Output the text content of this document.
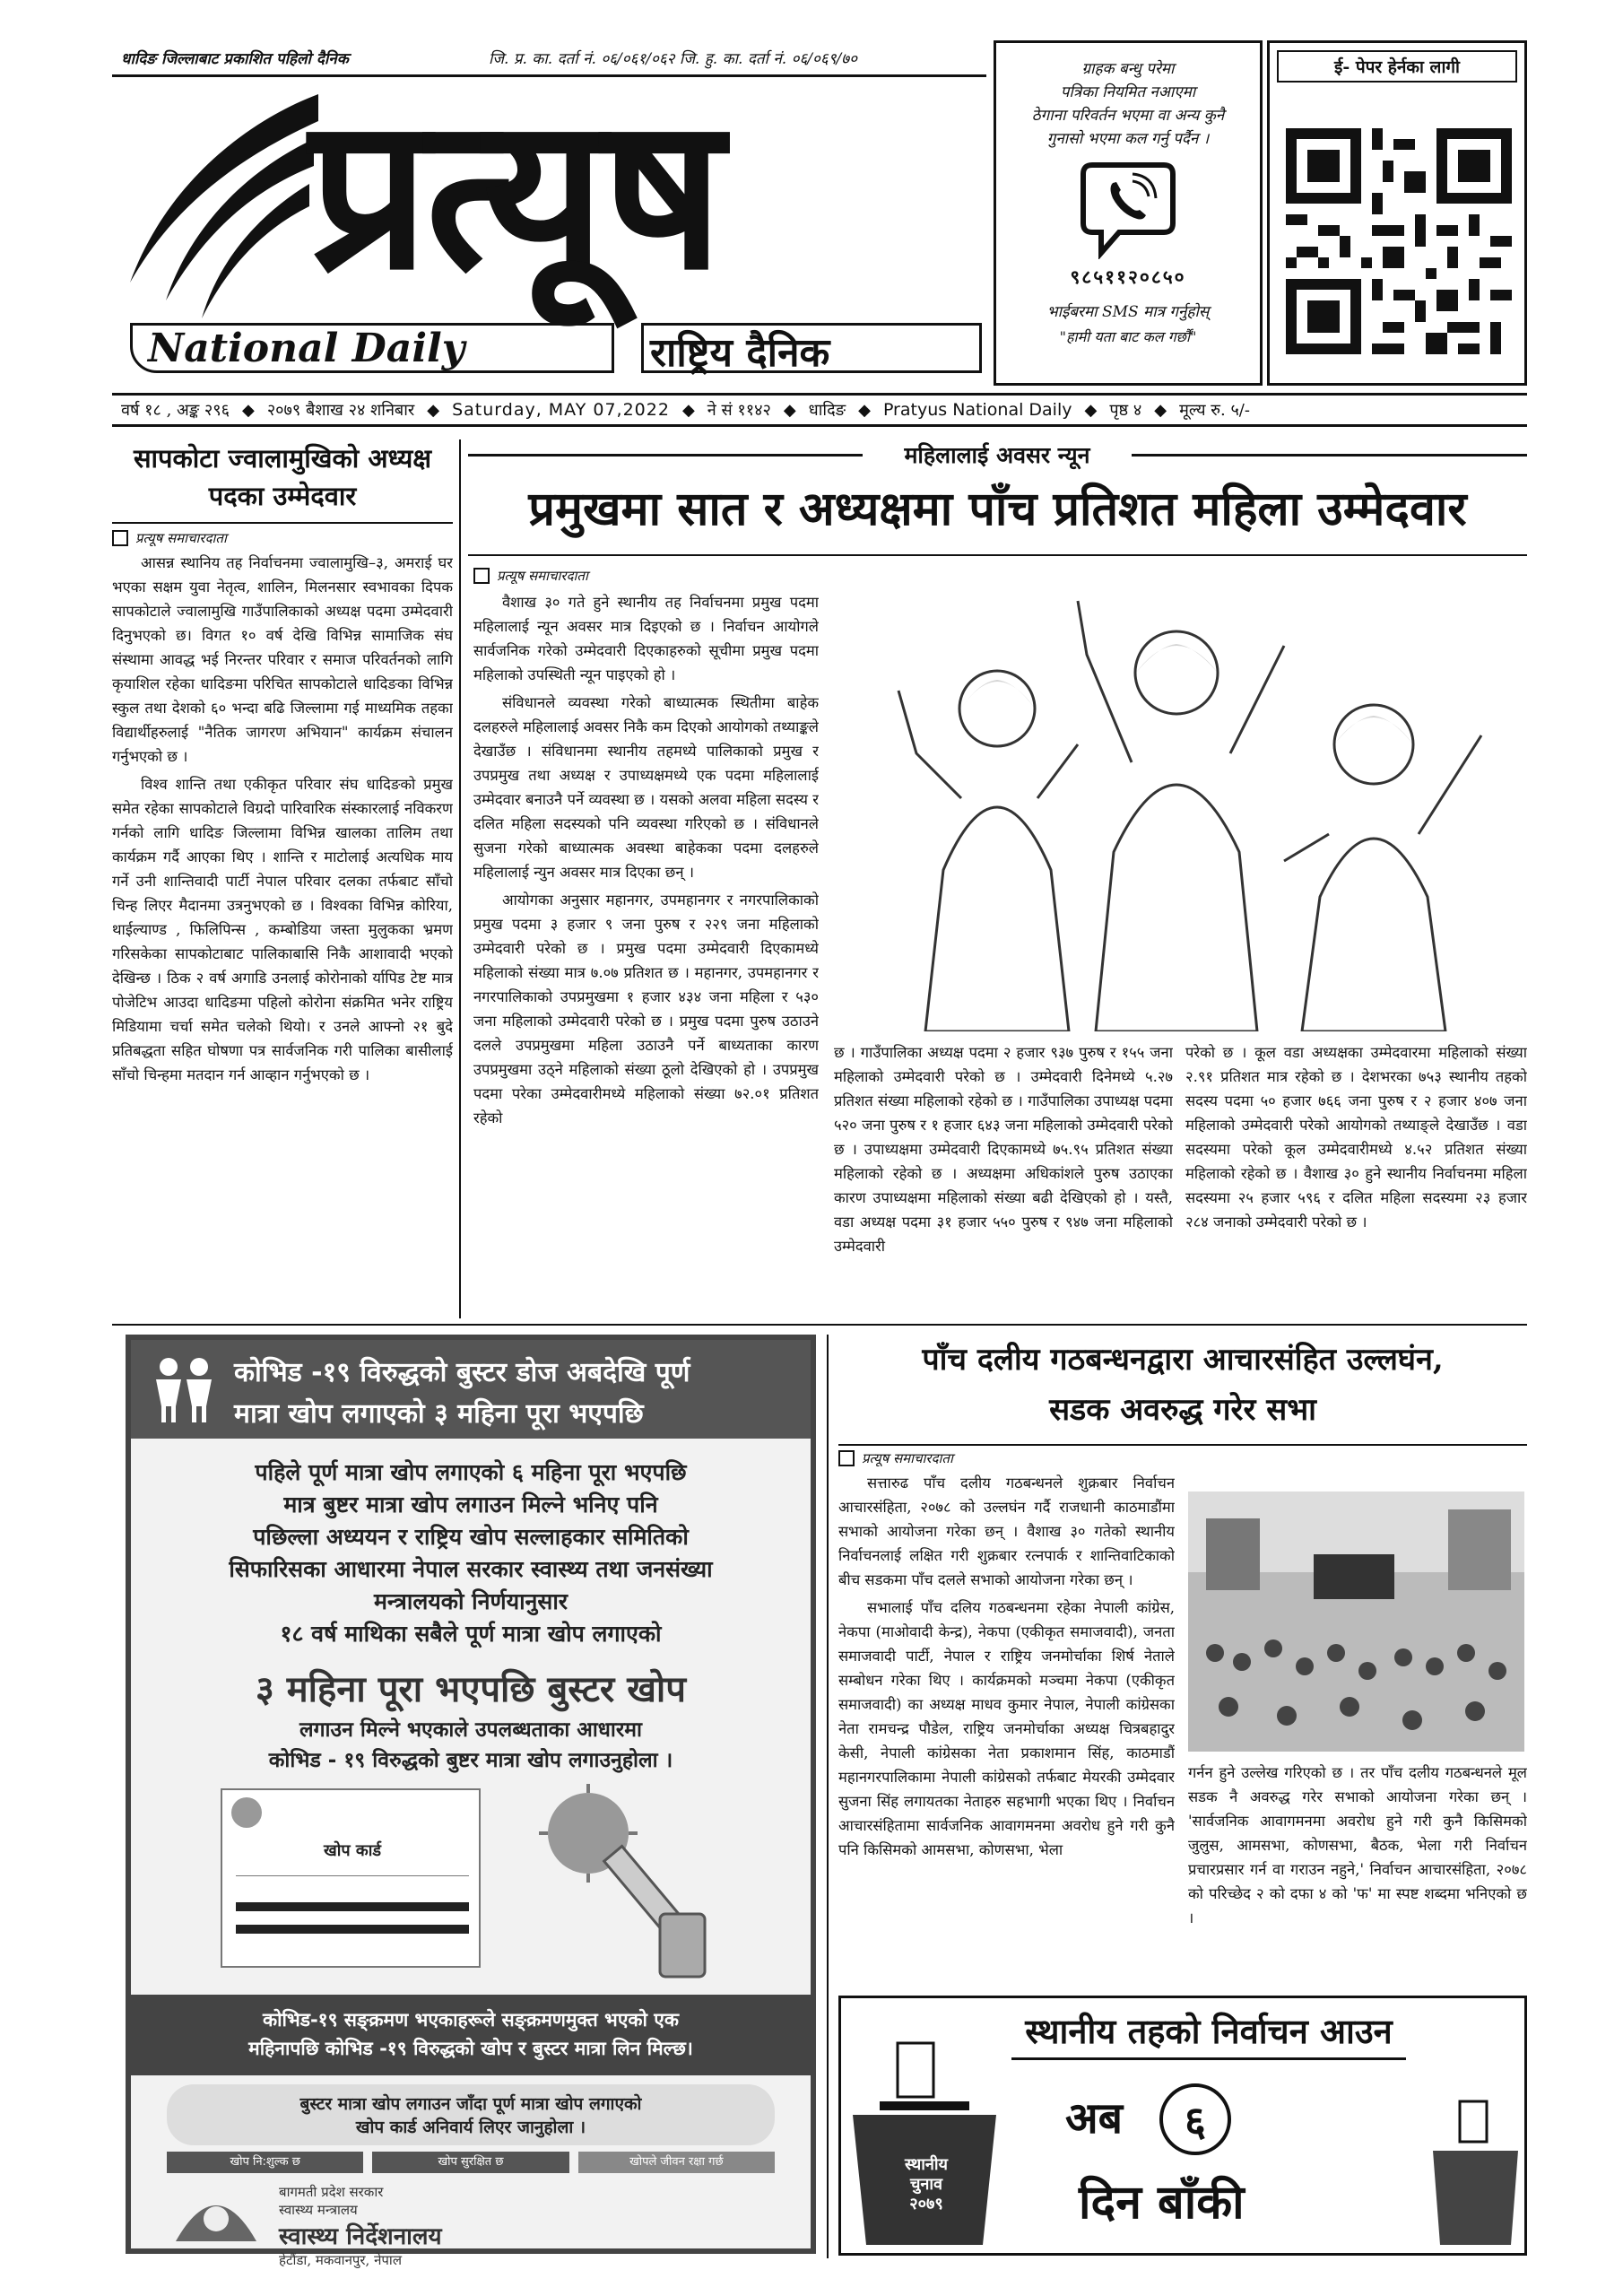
धादिङ जिल्लाबाट प्रकाशित पहिलो दैनिक	जि. प्र. का. दर्ता नं. ०६/०६१/०६२ जि. हु. का. दर्ता नं. ०६/०६९/७०
प्रत्यूष
National Daily	राष्ट्रिय दैनिक
ग्राहक बन्धु परेमा
पत्रिका नियमित नआएमा
ठेगाना परिवर्तन भएमा वा अन्य कुनै
गुनासो भएमा कल गर्नु पर्दैन ।
९८५११२०८५०
भाईबरमा SMS मात्र गर्नुहोस्
"हामी यता बाट कल गर्छौं"
ई- पेपर हेर्नका लागी
वर्ष १८ , अङ्क २९६ ◆ २०७९ बैशाख २४ शनिबार ◆ Saturday, MAY 07,2022 ◆ ने सं ११४२ ◆ धादिङ ◆ Pratyus National Daily ◆ पृष्ठ ४ ◆ मूल्य रु. ५/-
सापकोटा ज्वालामुखिको अध्यक्ष
पदका उम्मेदवार
प्रत्यूष समाचारदाता

आसन्न स्थानिय तह निर्वाचनमा ज्वालामुखि–३, अमराई घर भएका सक्षम युवा नेतृत्व, शालिन, मिलनसार स्वभावका दिपक सापकोटाले ज्वालामुखि गाउँपालिकाको अध्यक्ष पदमा उम्मेदवारी दिनुभएको छ। विगत १० वर्ष देखि विभिन्न सामाजिक संघ संस्थामा आवद्ध भई निरन्तर परिवार र समाज परिवर्तनको लागि कृयाशिल रहेका धादिङमा परिचित सापकोटाले धादिङका विभिन्न स्कुल तथा देशको ६० भन्दा बढि जिल्लामा गई माध्यमिक तहका विद्यार्थीहरुलाई "नैतिक जागरण अभियान" कार्यक्रम संचालन गर्नुभएको छ ।

विश्व शान्ति तथा एकीकृत परिवार संघ धादिङको प्रमुख समेत रहेका सापकोटाले विग्रदो पारिवारिक संस्कारलाई नविकरण गर्नको लागि धादिङ जिल्लामा विभिन्न खालका तालिम तथा कार्यक्रम गर्दै आएका थिए । शान्ति र माटोलाई अत्यधिक माय गर्ने उनी शान्तिवादी पार्टी नेपाल परिवार दलका तर्फबाट साँचो चिन्ह लिएर मैदानमा उत्रनुभएको छ । विश्वका विभिन्न कोरिया, थाईल्याण्ड , फिलिपिन्स , कम्बोडिया जस्ता मुलुकका भ्रमण गरिसकेका सापकोटाबाट पालिकाबासि निकै आशावादी भएको देखिन्छ । ठिक २ वर्ष अगाडि उनलाई कोरोनाको र्यापिड टेष्ट मात्र पोजेटिभ आउदा धादिङमा पहिलो कोरोना संक्रमित भनेर राष्ट्रिय मिडियामा चर्चा समेत चलेको थियो। र उनले आफ्नो २१ बुदे प्रतिबद्धता सहित घोषणा पत्र सार्वजनिक गरी पालिका बासीलाई साँचो चिन्हमा मतदान गर्न आव्हान गर्नुभएको छ ।

महिलालाई अवसर न्यून
प्रमुखमा सात र अध्यक्षमा पाँच प्रतिशत महिला उम्मेदवार
प्रत्यूष समाचारदाता

वैशाख ३० गते हुने स्थानीय तह निर्वाचनमा प्रमुख पदमा महिलालाई न्यून अवसर मात्र दिइएको छ । निर्वाचन आयोगले सार्वजनिक गरेको उम्मेदवारी दिएकाहरुको सूचीमा प्रमुख पदमा महिलाको उपस्थिती न्यून पाइएको हो ।

संविधानले व्यवस्था गरेको बाध्यात्मक स्थितीमा बाहेक दलहरुले महिलालाई अवसर निकै कम दिएको आयोगको तथ्याङ्कले देखाउँछ । संविधानमा स्थानीय तहमध्ये पालिकाको प्रमुख र उपप्रमुख तथा अध्यक्ष र उपाध्यक्षमध्ये एक पदमा महिलालाई उम्मेदवार बनाउनै पर्ने व्यवस्था छ । यसको अलवा महिला सदस्य र दलित महिला सदस्यको पनि व्यवस्था गरिएको छ । संविधानले सुजना गरेको बाध्यात्मक अवस्था बाहेकका पदमा दलहरुले महिलालाई न्युन अवसर मात्र दिएका छन् ।

आयोगका अनुसार महानगर, उपमहानगर र नगरपालिकाको प्रमुख पदमा ३ हजार ९ जना पुरुष र २२९ जना महिलाको उम्मेदवारी परेको छ । प्रमुख पदमा उम्मेदवारी दिएकामध्ये महिलाको संख्या मात्र ७.०७ प्रतिशत छ । महानगर, उपमहानगर र नगरपालिकाको उपप्रमुखमा १ हजार ४३४ जना महिला र ५३० जना महिलाको उम्मेदवारी परेको छ । प्रमुख पदमा पुरुष उठाउने दलले उपप्रमुखमा महिला उठाउनै पर्ने बाध्यताका कारण उपप्रमुखमा उठ्ने महिलाको संख्या ठूलो देखिएको हो । उपप्रमुख पदमा परेका उम्मेदवारीमध्ये महिलाको संख्या ७२.०१ प्रतिशत रहेको

छ । गाउँपालिका अध्यक्ष पदमा २ हजार ९३७ पुरुष र १५५ जना महिलाको उम्मेदवारी परेको छ । उम्मेदवारी दिनेमध्ये ५.२७ प्रतिशत संख्या महिलाको रहेको छ । गाउँपालिका उपाध्यक्ष पदमा ५२० जना पुरुष र १ हजार ६४३ जना महिलाको उम्मेदवारी परेको छ । उपाध्यक्षमा उम्मेदवारी दिएकामध्ये ७५.९५ प्रतिशत संख्या महिलाको रहेको छ । अध्यक्षमा अधिकांशले पुरुष उठाएका कारण उपाध्यक्षमा महिलाको संख्या बढी देखिएको हो । यस्तै, वडा अध्यक्ष पदमा ३१ हजार ५५० पुरुष र ९४७ जना महिलाको उम्मेदवारी

परेको छ । कूल वडा अध्यक्षका उम्मेदवारमा महिलाको संख्या २.९१ प्रतिशत मात्र रहेको छ । देशभरका ७५३ स्थानीय तहको सदस्य पदमा ५० हजार ७६६ जना पुरुष र २ हजार ४०७ जना महिलाको उम्मेदवारी परेको आयोगको तथ्याङ्ले देखाउँछ । वडा सदस्यमा परेको कूल उम्मेदवारीमध्ये ४.५२ प्रतिशत संख्या महिलाको रहेको छ । वैशाख ३० हुने स्थानीय निर्वाचनमा महिला सदस्यमा २५ हजार ५९६ र दलित महिला सदस्यमा २३ हजार २८४ जनाको उम्मेदवारी परेको छ ।

कोभिड -१९ विरुद्धको बुस्टर डोज अबदेखि पूर्ण
मात्रा खोप लगाएको ३ महिना पूरा भएपछि
पहिले पूर्ण मात्रा खोप लगाएको ६ महिना पूरा भएपछि
मात्र बुष्टर मात्रा खोप लगाउन मिल्ने भनिए पनि
पछिल्ला अध्ययन र राष्ट्रिय खोप सल्लाहकार समितिको
सिफारिसका आधारमा नेपाल सरकार स्वास्थ्य तथा जनसंख्या
मन्त्रालयको निर्णयानुसार
१८ वर्ष माथिका सबैले पूर्ण मात्रा खोप लगाएको
३ महिना पूरा भएपछि बुस्टर खोप
लगाउन मिल्ने भएकाले उपलब्धताका आधारमा
कोभिड - १९ विरुद्धको बुष्टर मात्रा खोप लगाउनुहोला ।
खोप कार्ड
कोभिड-१९ सङ्क्रमण भएकाहरूले सङ्क्रमणमुक्त भएको एक
महिनापछि कोभिड -१९ विरुद्धको खोप र बुस्टर मात्रा लिन मिल्छ।
बुस्टर मात्रा खोप लगाउन जाँदा पूर्ण मात्रा खोप लगाएको
खोप कार्ड अनिवार्य लिएर जानुहोला ।
खोप नि:शुल्क छ	खोप सुरक्षित छ	खोपले जीवन रक्षा गर्छ
बागमती प्रदेश सरकार
स्वास्थ्य मन्त्रालय
स्वास्थ्य निर्देशनालय
हेटौंडा, मकवानपुर, नेपाल
पाँच दलीय गठबन्धनद्वारा आचारसंहित उल्लघंन,
सडक अवरुद्ध गरेर सभा
प्रत्यूष समाचारदाता

सत्तारुढ पाँच दलीय गठबन्धनले शुक्रबार निर्वाचन आचारसंहिता, २०७८ को उल्लघंन गर्दै राजधानी काठमाडौंमा सभाको आयोजना गरेका छन् । वैशाख ३० गतेको स्थानीय निर्वाचनलाई लक्षित गरी शुक्रबार रत्नपार्क र शान्तिवाटिकाको बीच सडकमा पाँच दलले सभाको आयोजना गरेका छन् ।

सभालाई पाँच दलिय गठबन्धनमा रहेका नेपाली कांग्रेस, नेकपा (माओवादी केन्द्र), नेकपा (एकीकृत समाजवादी), जनता समाजवादी पार्टी, नेपाल र राष्ट्रिय जनमोर्चाका शिर्ष नेताले सम्बोधन गरेका थिए । कार्यक्रमको मञ्चमा नेकपा (एकीकृत समाजवादी) का अध्यक्ष माधव कुमार नेपाल, नेपाली कांग्रेसका नेता रामचन्द्र पौडेल, राष्ट्रिय जनमोर्चाका अध्यक्ष चित्रबहादुर केसी, नेपाली कांग्रेसका नेता प्रकाशमान सिंह, काठमाडौं महानगरपालिकामा नेपाली कांग्रेसको तर्फबाट मेयरकी उम्मेदवार सुजना सिंह लगायतका नेताहरु सहभागी भएका थिए । निर्वाचन आचारसंहितामा सार्वजनिक आवागमनमा अवरोध हुने गरी कुनै पनि किसिमको आमसभा, कोणसभा, भेला

गर्नन हुने उल्लेख गरिएको छ । तर पाँच दलीय गठबन्धनले मूल सडक नै अवरुद्ध गरेर सभाको आयोजना गरेका छन् । 'सार्वजनिक आवागमनमा अवरोध हुने गरी कुनै किसिमको जुलुस, आमसभा, कोणसभा, बैठक, भेला गरी निर्वाचन प्रचारप्रसार गर्न वा गराउन नहुने,' निर्वाचन आचारसंहिता, २०७८ को परिच्छेद २ को दफा ४ को 'फ' मा स्पष्ट शब्दमा भनिएको छ ।

स्थानीय
चुनाव
२०७९
स्थानीय तहको निर्वाचन आउन
अब	६
दिन बाँकी
